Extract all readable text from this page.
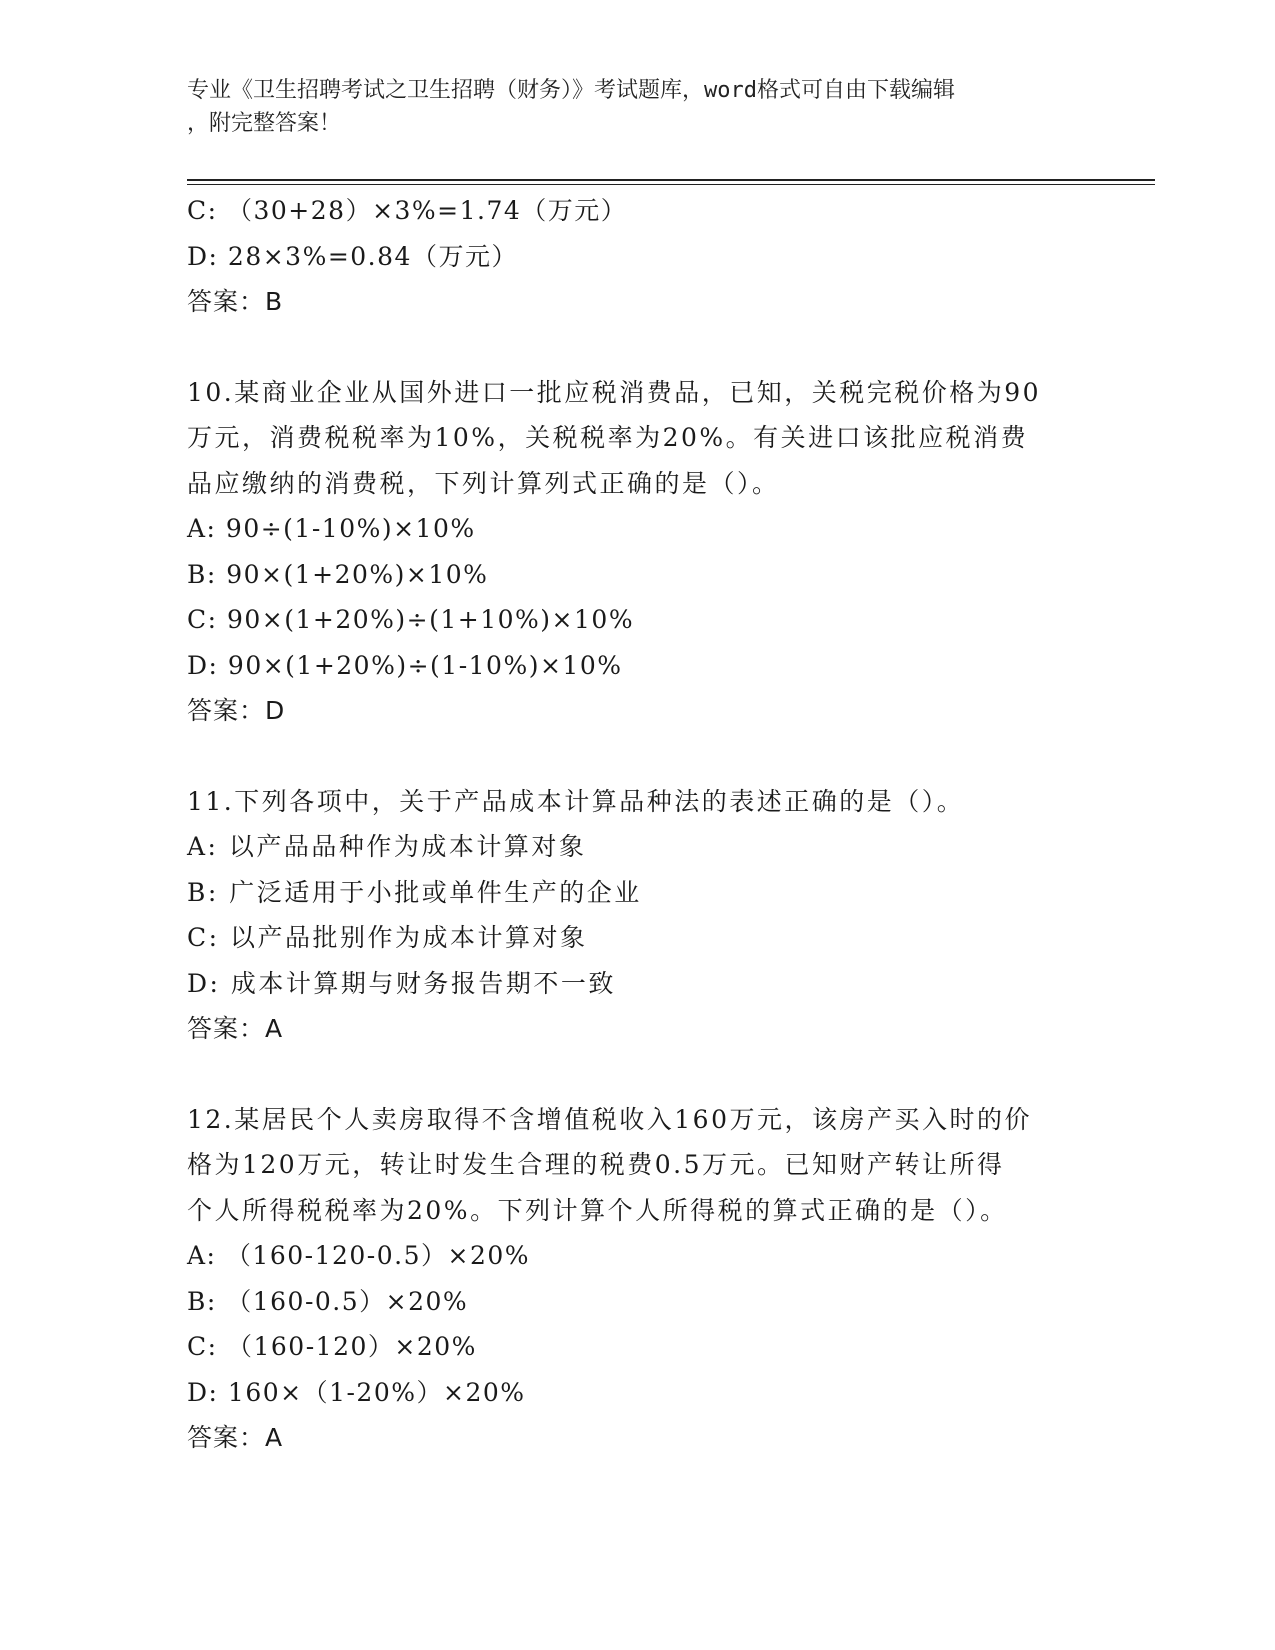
专业《卫生招聘考试之卫生招聘（财务）》考试题库，word格式可自由下载编辑
，附完整答案！
C: （30+28）×3%=1.74（万元）
D: 28×3%=0.84（万元）
答案：B
10.某商业企业从国外进口一批应税消费品，已知，关税完税价格为90
万元，消费税税率为10%，关税税率为20%。有关进口该批应税消费
品应缴纳的消费税，下列计算列式正确的是（）。
A: 90÷(1-10%)×10%
B: 90×(1+20%)×10%
C: 90×(1+20%)÷(1+10%)×10%
D: 90×(1+20%)÷(1-10%)×10%
答案：D
11.下列各项中，关于产品成本计算品种法的表述正确的是（）。
A: 以产品品种作为成本计算对象
B: 广泛适用于小批或单件生产的企业
C: 以产品批别作为成本计算对象
D: 成本计算期与财务报告期不一致
答案：A
12.某居民个人卖房取得不含增值税收入160万元，该房产买入时的价
格为120万元，转让时发生合理的税费0.5万元。已知财产转让所得
个人所得税税率为20%。下列计算个人所得税的算式正确的是（）。
A: （160-120-0.5）×20%
B: （160-0.5）×20%
C: （160-120）×20%
D: 160×（1-20%）×20%
答案：A
